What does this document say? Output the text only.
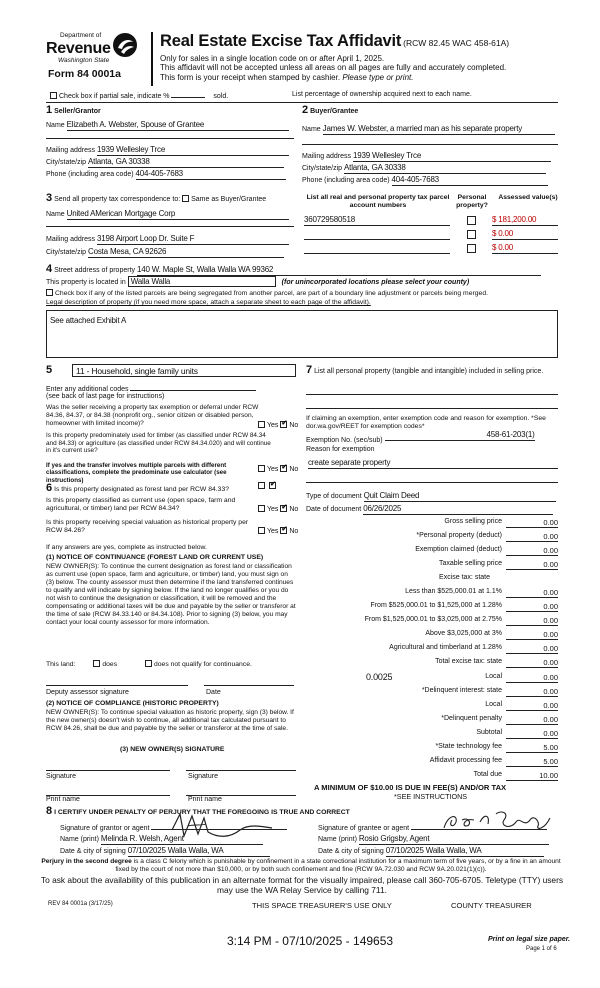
Department of
Revenue
Washington State
Form 84 0001a
Real Estate Excise Tax Affidavit (RCW 82.45 WAC 458-61A)
Only for sales in a single location code on or after April 1, 2025.
This affidavit will not be accepted unless all areas on all pages are fully and accurately completed.
This form is your receipt when stamped by cashier. Please type or print.
Check box if partial sale, indicate %	sold.	List percentage of ownership acquired next to each name.
1 Seller/Grantor
Name Elizabeth A. Webster, Spouse of Grantee
Mailing address 1939 Wellesley Trce
City/state/zip Atlanta, GA 30338
Phone (including area code) 404-405-7683
2 Buyer/Grantee
Name James W. Webster, a married man as his separate property
Mailing address 1939 Wellesley Trce
City/state/zip Atlanta, GA 30338
Phone (including area code) 404-405-7683
3 Send all property tax correspondence to: Same as Buyer/Grantee
Name United AMerican Mortgage Corp
Mailing address 3198 Airport Loop Dr. Suite F
City/state/zip Costa Mesa, CA 92626
List all real and personal property tax parcel account numbers
Personal property?
Assessed value(s)
360729580518	$ 181,200.00
$ 0.00
$ 0.00
4 Street address of property 140 W. Maple St, Walla Walla WA 99362
This property is located in Walla Walla	(for unincorporated locations please select your county)
Check box if any of the listed parcels are being segregated from another parcel, are part of a boundary line adjustment or parcels being merged.
Legal description of property (if you need more space, attach a separate sheet to each page of the affidavit).
See attached Exhibit A
5	11 - Household, single family units
Enter any additional codes
(see back of last page for instructions)
Was the seller receiving a property tax exemption or deferral under RCW 84.36, 84.37, or 84.38 (nonprofit org., senior citizen or disabled person, homeowner with limited income)?	Yes ✔ No
Is this property predominately used for timber (as classified under RCW 84.34 and 84.33) or agriculture (as classified under RCW 84.34.020) and will continue in it's current use?
If yes and the transfer involves multiple parcels with different classifications, complete the predominate use calculator (see instructions)
Yes ✔ No
6 Is this property designated as forest land per RCW 84.33?
✔
Is this property classified as current use (open space, farm and agricultural, or timber) land per RCW 84.34?	Yes ✔ No
Is this property receiving special valuation as historical property per RCW 84.26?	Yes ✔ No
If any answers are yes, complete as instructed below.
(1) NOTICE OF CONTINUANCE (FOREST LAND OR CURRENT USE)
NEW OWNER(S): To continue the current designation as forest land or classification as current use (open space, farm and agriculture, or timber) land, you must sign on (3) below. The county assessor must then determine if the land transferred continues to qualify and will indicate by signing below. If the land no longer qualifies or you do not wish to continue the designation or classification, it will be removed and the compensating or additional taxes will be due and payable by the seller or transferor at the time of sale (RCW 84.33.140 or 84.34.108). Prior to signing (3) below, you may contact your local county assessor for more information.
This land:	does	does not qualify for continuance.
Deputy assessor signature	Date
(2) NOTICE OF COMPLIANCE (HISTORIC PROPERTY)
NEW OWNER(S): To continue special valuation as historic property, sign (3) below. If the new owner(s) doesn't wish to continue, all additional tax calculated pursuant to RCW 84.26, shall be due and payable by the seller or transferor at the time of sale.
(3) NEW OWNER(S) SIGNATURE
Signature	Signature
Print name	Print name
7 List all personal property (tangible and intangible) included in selling price.
If claiming an exemption, enter exemption code and reason for exemption. *See dor.wa.gov/REET for exemption codes*
Exemption No. (sec/sub) 458-61-203(1)
Reason for exemption
create separate property
Type of document Quit Claim Deed
Date of document 06/26/2025
Gross selling price	0.00
*Personal property (deduct)	0.00
Exemption claimed (deduct)	0.00
Taxable selling price	0.00
Excise tax: state
Less than $525,000.01 at 1.1%	0.00
From $525,000.01 to $1,525,000 at 1.28%	0.00
From $1,525,000.01 to $3,025,000 at 2.75%	0.00
Above $3,025,000 at 3%	0.00
Agricultural and timberland at 1.28%	0.00
Total excise tax: state	0.00
0.0025	Local	0.00
*Delinquent interest: state	0.00
Local	0.00
*Delinquent penalty	0.00
Subtotal	0.00
*State technology fee	5.00
Affidavit processing fee	5.00
Total due	10.00
A MINIMUM OF $10.00 IS DUE IN FEE(S) AND/OR TAX
*SEE INSTRUCTIONS
8 I CERTIFY UNDER PENALTY OF PERJURY THAT THE FOREGOING IS TRUE AND CORRECT
Signature of grantor or agent
Name (print) Melinda R. Welsh, Agent
Date & city of signing 07/10/2025 Walla Walla, WA
Signature of grantee or agent
Name (print) Rosio Grigsby, Agent
Date & city of signing 07/10/2025 Walla Walla, WA
Perjury in the second degree is a class C felony which is punishable by confinement in a state correctional institution for a maximum term of five years, or by a fine in an amount fixed by the court of not more than $10,000, or by both such confinement and fine (RCW 9A.72.030 and RCW 9A.20.021(1)(c)).
To ask about the availability of this publication in an alternate format for the visually impaired, please call 360-705-6705. Teletype (TTY) users may use the WA Relay Service by calling 711.
REV 84 0001a (3/17/25)	THIS SPACE TREASURER'S USE ONLY	COUNTY TREASURER
3:14 PM - 07/10/2025 - 149653	Print on legal size paper.
Page 1 of 6
